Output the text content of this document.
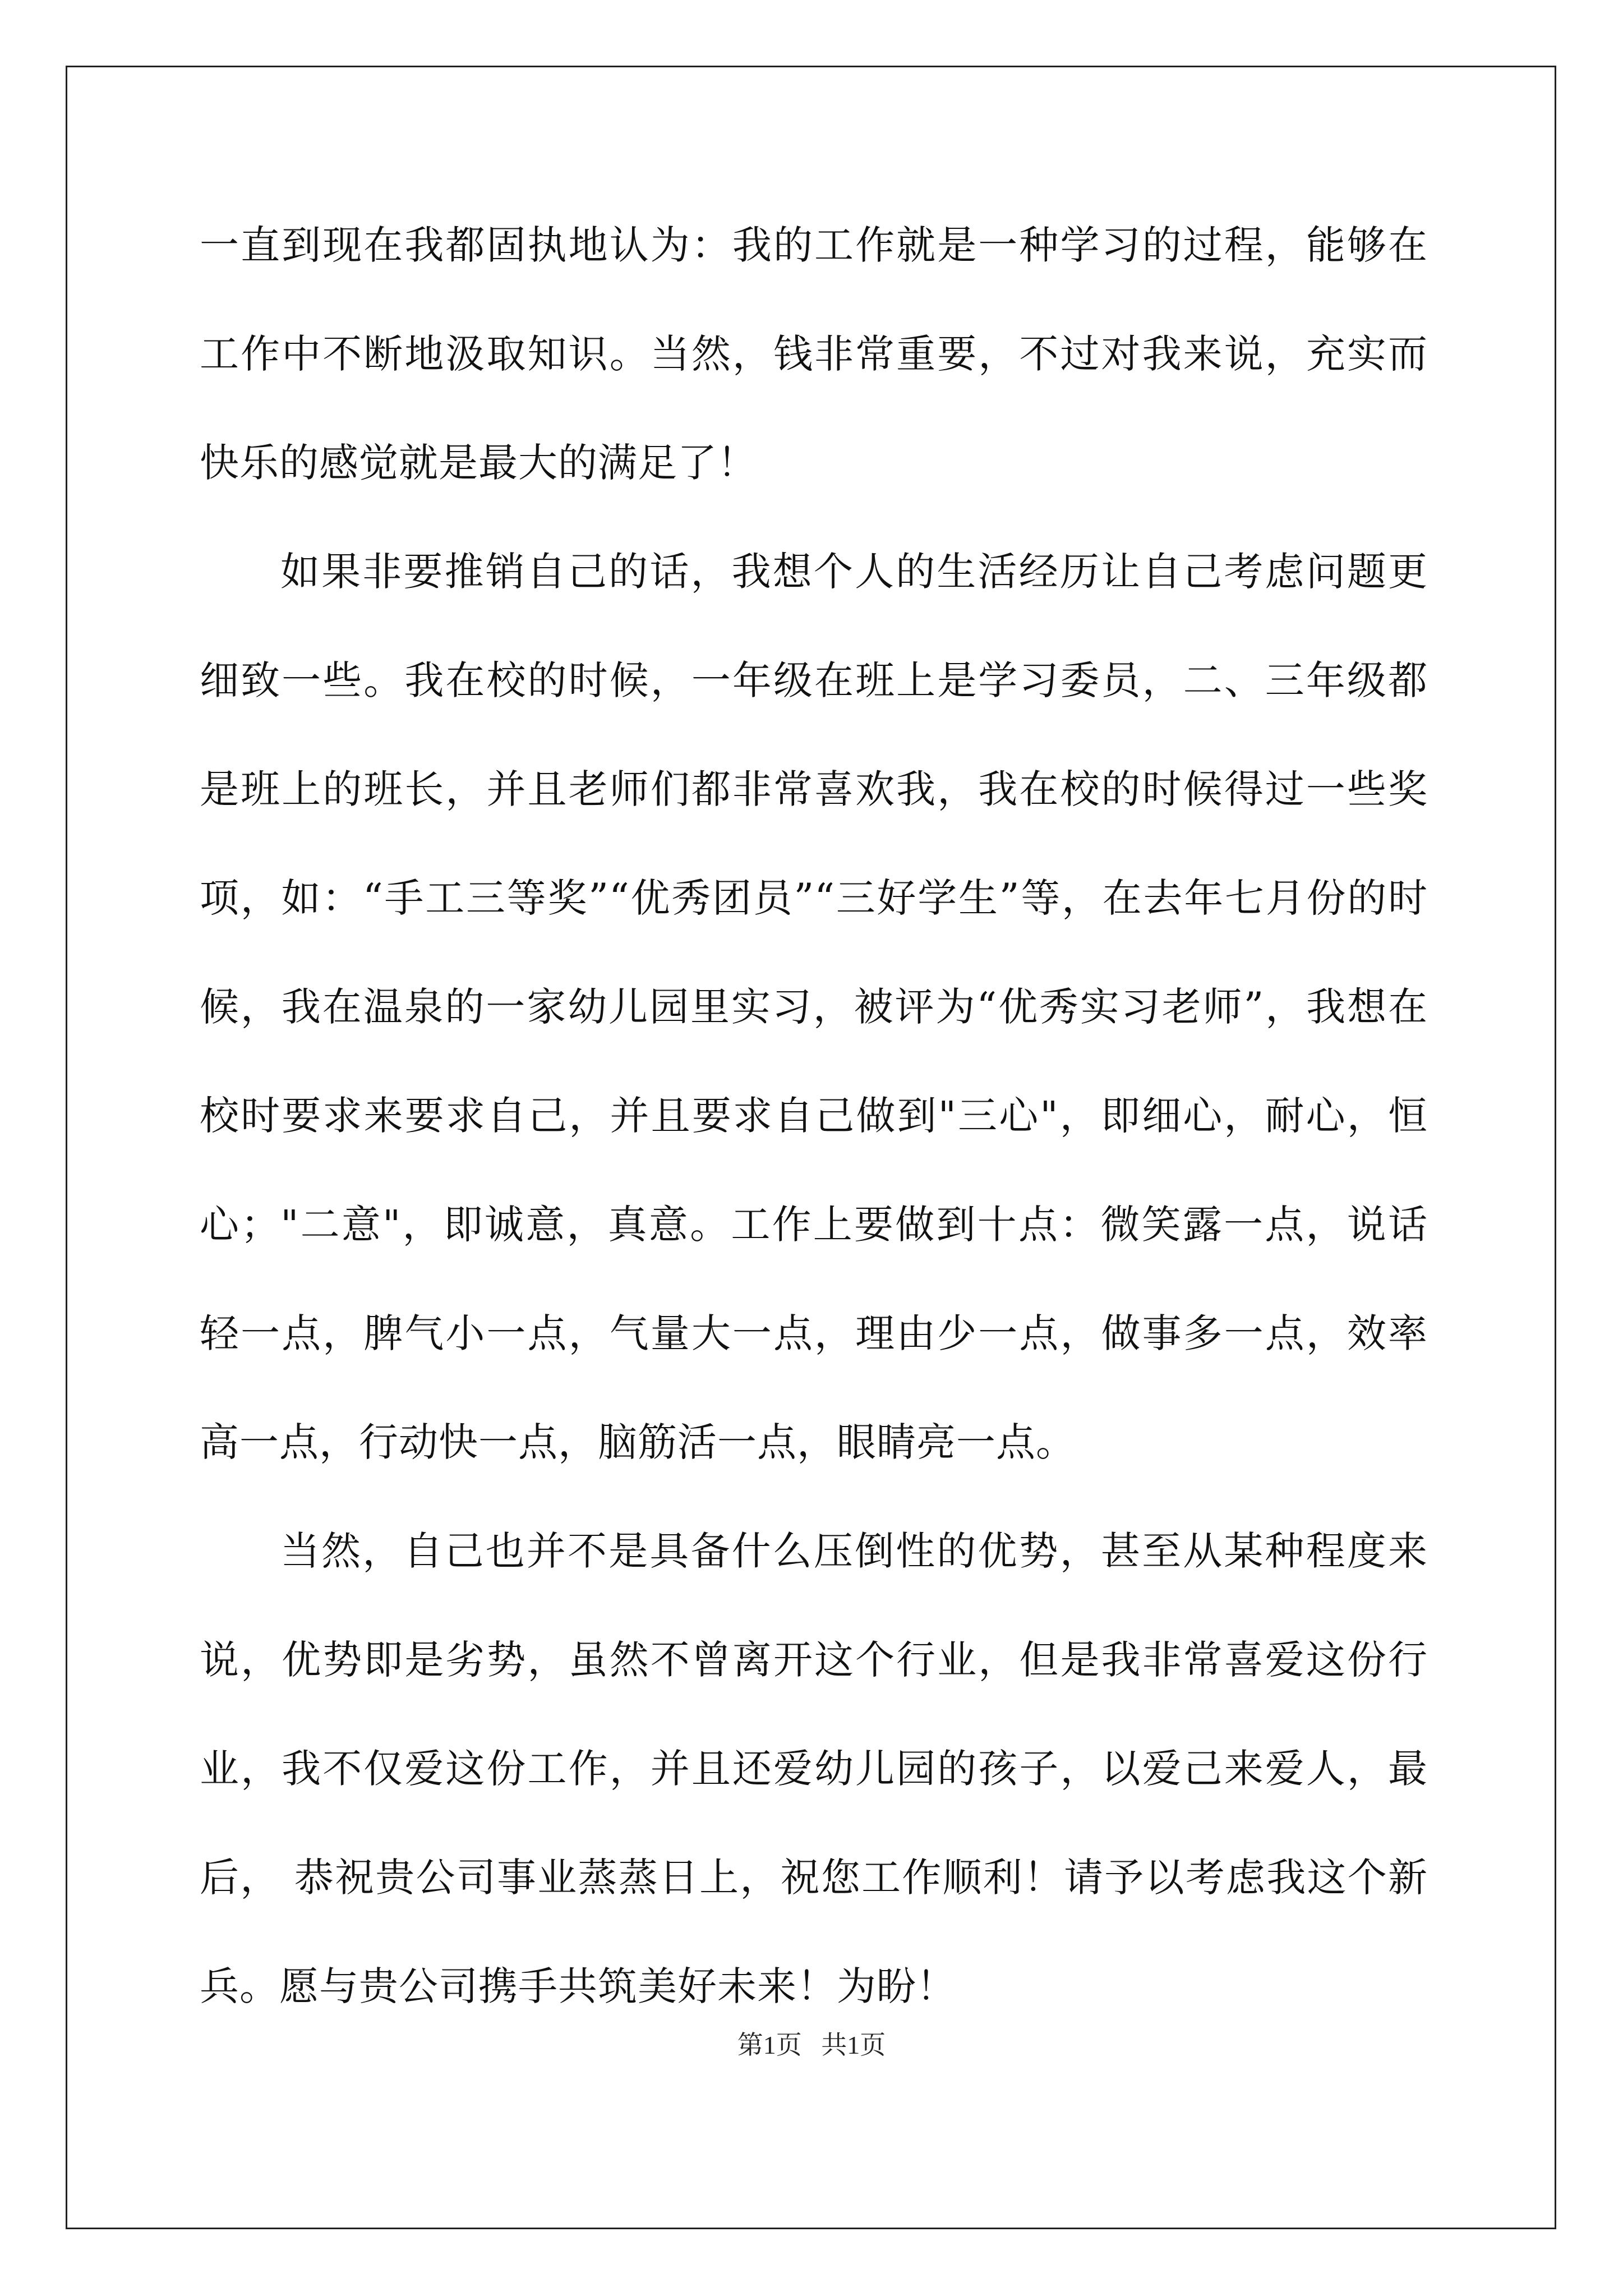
一直到现在我都固执地认为：我的工作就是一种学习的过程，能够在工作中不断地汲取知识。当然，钱非常重要，不过对我来说，充实而快乐的感觉就是最大的满足了！

如果非要推销自己的话，我想个人的生活经历让自己考虑问题更细致一些。我在校的时候，一年级在班上是学习委员，二、三年级都是班上的班长，并且老师们都非常喜欢我，我在校的时候得过一些奖项，如：“手工三等奖”“优秀团员”“三好学生”等，在去年七月份的时候，我在温泉的一家幼儿园里实习，被评为“优秀实习老师”，我想在校时要求来要求自己，并且要求自己做到"三心"，即细心，耐心，恒心；"二意"，即诚意，真意。工作上要做到十点：微笑露一点，说话轻一点，脾气小一点，气量大一点，理由少一点，做事多一点，效率高一点，行动快一点，脑筋活一点，眼睛亮一点。

当然，自己也并不是具备什么压倒性的优势，甚至从某种程度来说，优势即是劣势，虽然不曾离开这个行业，但是我非常喜爱这份行业，我不仅爱这份工作，并且还爱幼儿园的孩子，以爱己来爱人，最后， 恭祝贵公司事业蒸蒸日上，祝您工作顺利！请予以考虑我这个新兵。愿与贵公司携手共筑美好未来！为盼！

第1页   共1页
